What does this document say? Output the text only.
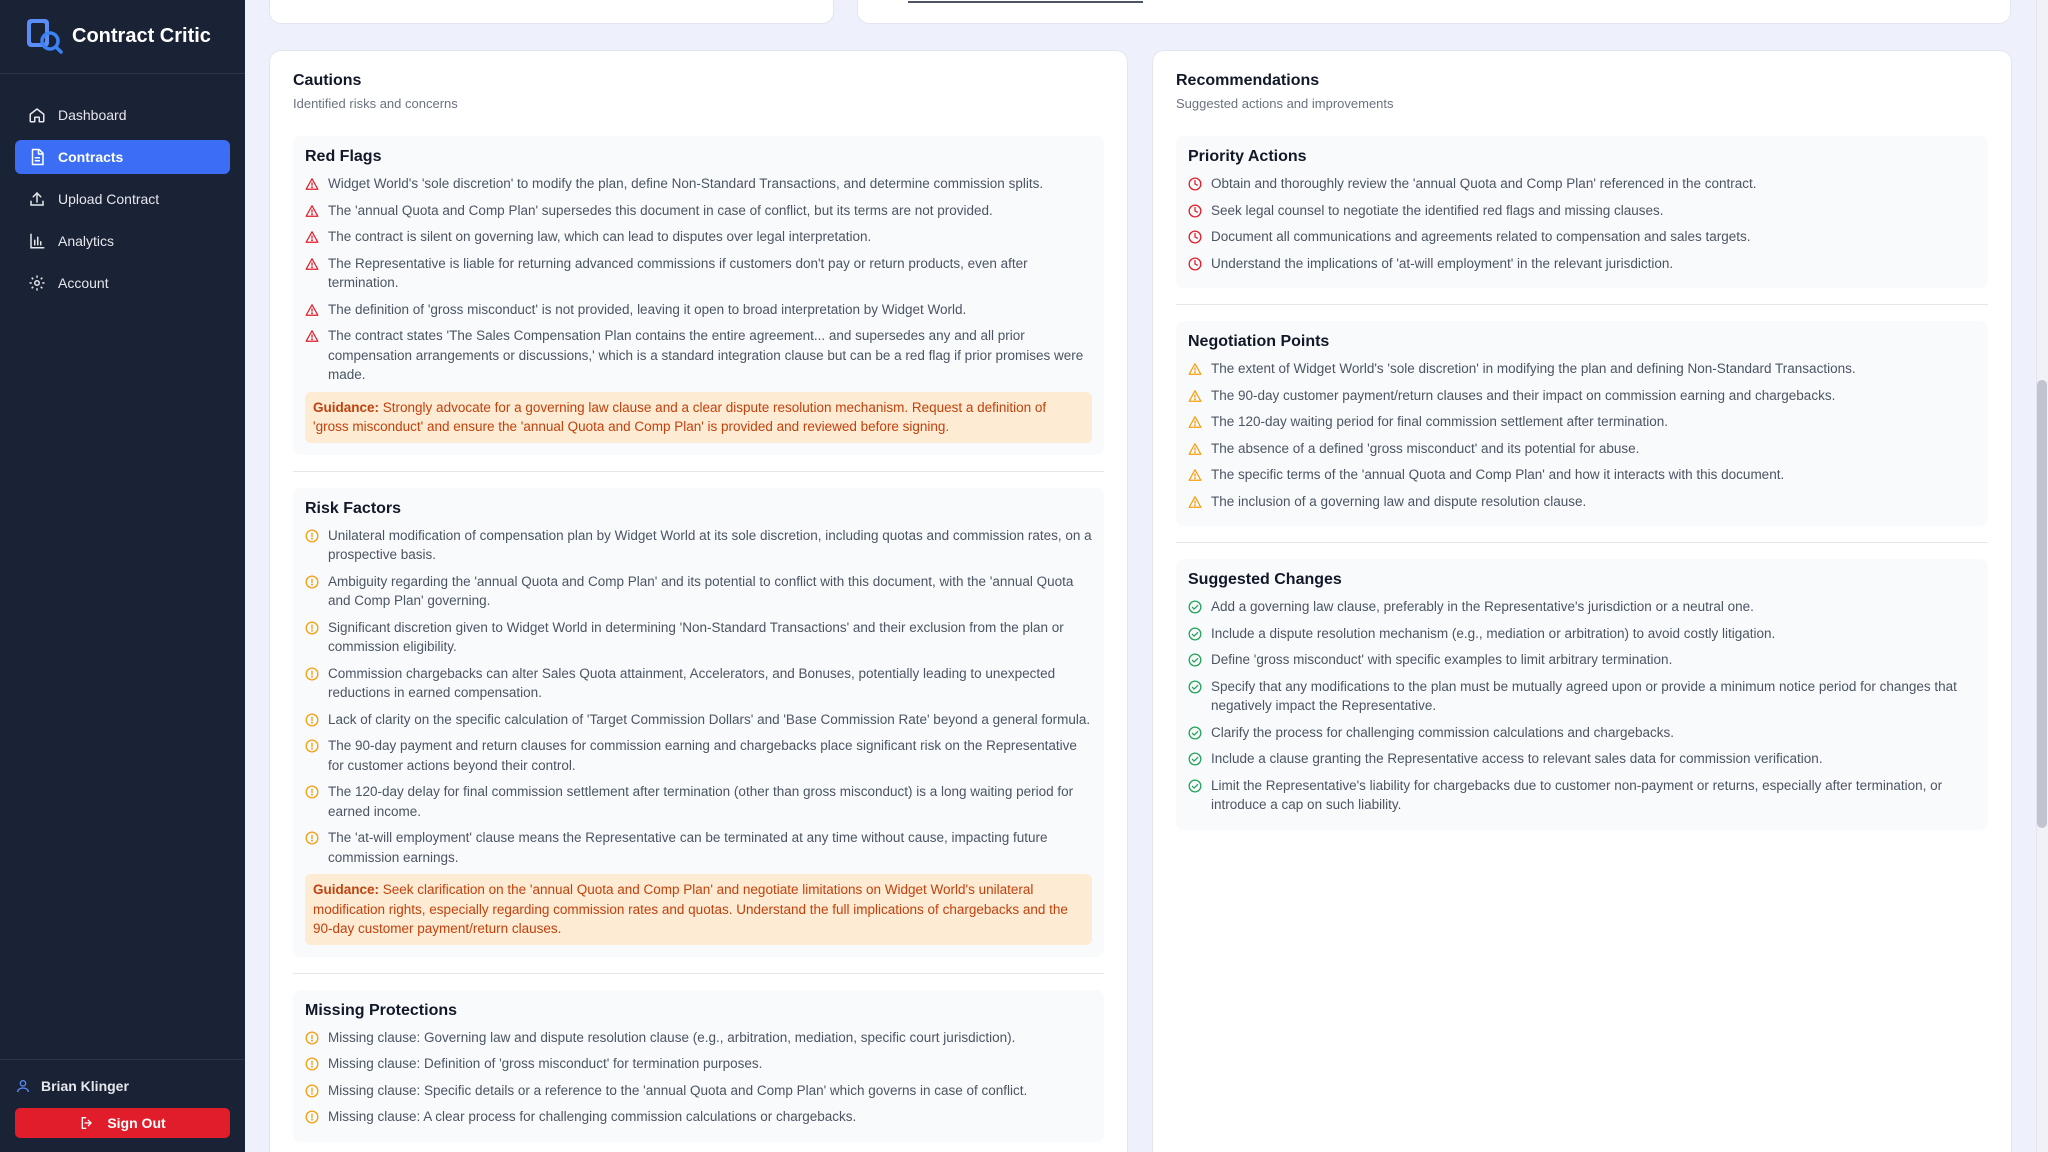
Contract Critic
Dashboard
Contracts
Upload Contract
Analytics
Account
Brian Klinger
Sign Out
Cautions
Identified risks and concerns
Red Flags
Widget World's 'sole discretion' to modify the plan, define Non-Standard Transactions, and determine commission splits.
The 'annual Quota and Comp Plan' supersedes this document in case of conflict, but its terms are not provided.
The contract is silent on governing law, which can lead to disputes over legal interpretation.
The Representative is liable for returning advanced commissions if customers don't pay or return products, even after termination.
The definition of 'gross misconduct' is not provided, leaving it open to broad interpretation by Widget World.
The contract states 'The Sales Compensation Plan contains the entire agreement... and supersedes any and all prior compensation arrangements or discussions,' which is a standard integration clause but can be a red flag if prior promises were made.
Guidance: Strongly advocate for a governing law clause and a clear dispute resolution mechanism. Request a definition of 'gross misconduct' and ensure the 'annual Quota and Comp Plan' is provided and reviewed before signing.
Risk Factors
Unilateral modification of compensation plan by Widget World at its sole discretion, including quotas and commission rates, on a prospective basis.
Ambiguity regarding the 'annual Quota and Comp Plan' and its potential to conflict with this document, with the 'annual Quota and Comp Plan' governing.
Significant discretion given to Widget World in determining 'Non-Standard Transactions' and their exclusion from the plan or commission eligibility.
Commission chargebacks can alter Sales Quota attainment, Accelerators, and Bonuses, potentially leading to unexpected reductions in earned compensation.
Lack of clarity on the specific calculation of 'Target Commission Dollars' and 'Base Commission Rate' beyond a general formula.
The 90-day payment and return clauses for commission earning and chargebacks place significant risk on the Representative for customer actions beyond their control.
The 120-day delay for final commission settlement after termination (other than gross misconduct) is a long waiting period for earned income.
The 'at-will employment' clause means the Representative can be terminated at any time without cause, impacting future commission earnings.
Guidance: Seek clarification on the 'annual Quota and Comp Plan' and negotiate limitations on Widget World's unilateral modification rights, especially regarding commission rates and quotas. Understand the full implications of chargebacks and the 90-day customer payment/return clauses.
Missing Protections
Missing clause: Governing law and dispute resolution clause (e.g., arbitration, mediation, specific court jurisdiction).
Missing clause: Definition of 'gross misconduct' for termination purposes.
Missing clause: Specific details or a reference to the 'annual Quota and Comp Plan' which governs in case of conflict.
Missing clause: A clear process for challenging commission calculations or chargebacks.
Recommendations
Suggested actions and improvements
Priority Actions
Obtain and thoroughly review the 'annual Quota and Comp Plan' referenced in the contract.
Seek legal counsel to negotiate the identified red flags and missing clauses.
Document all communications and agreements related to compensation and sales targets.
Understand the implications of 'at-will employment' in the relevant jurisdiction.
Negotiation Points
The extent of Widget World's 'sole discretion' in modifying the plan and defining Non-Standard Transactions.
The 90-day customer payment/return clauses and their impact on commission earning and chargebacks.
The 120-day waiting period for final commission settlement after termination.
The absence of a defined 'gross misconduct' and its potential for abuse.
The specific terms of the 'annual Quota and Comp Plan' and how it interacts with this document.
The inclusion of a governing law and dispute resolution clause.
Suggested Changes
Add a governing law clause, preferably in the Representative's jurisdiction or a neutral one.
Include a dispute resolution mechanism (e.g., mediation or arbitration) to avoid costly litigation.
Define 'gross misconduct' with specific examples to limit arbitrary termination.
Specify that any modifications to the plan must be mutually agreed upon or provide a minimum notice period for changes that negatively impact the Representative.
Clarify the process for challenging commission calculations and chargebacks.
Include a clause granting the Representative access to relevant sales data for commission verification.
Limit the Representative's liability for chargebacks due to customer non-payment or returns, especially after termination, or introduce a cap on such liability.
